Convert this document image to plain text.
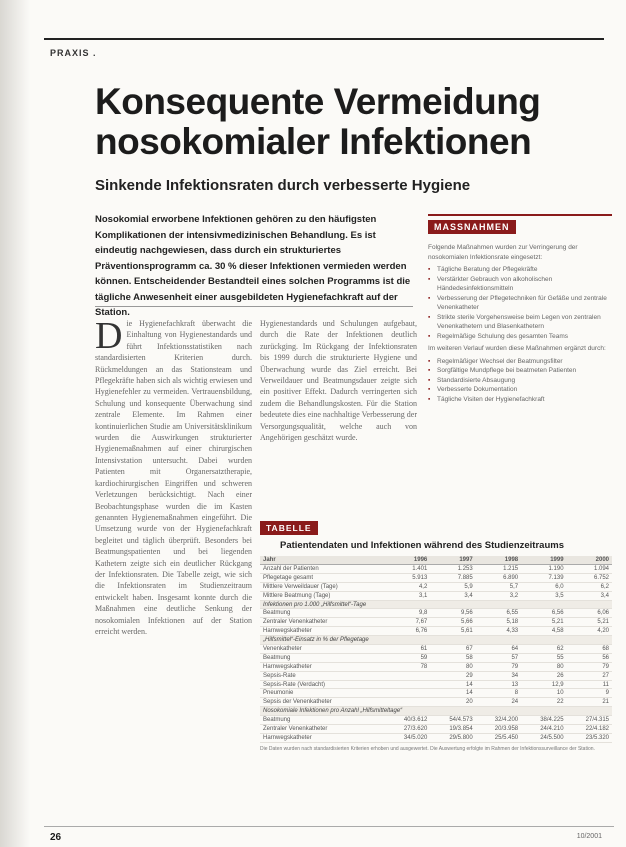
PRAXIS .
Konsequente Vermeidung
nosokomialer Infektionen
Sinkende Infektionsraten durch verbesserte Hygiene
Nosokomial erworbene Infektionen gehören zu den häufigsten Komplikationen der intensivmedizinischen Behandlung. Es ist eindeutig nachgewiesen, dass durch ein strukturiertes Präventionsprogramm ca. 30 % dieser Infektionen vermieden werden können. Entscheidender Bestandteil eines solchen Programms ist die tägliche Anwesenheit einer ausgebildeten Hygienefachkraft auf der Station.
D ie Hygienefachkraft überwacht die Einhaltung von Hygienestandards und führt Infektionsstatistiken nach standardisierten Kriterien durch. Rückmeldungen an das Stationsteam und Pflegekräfte haben sich als wichtig erwiesen und Hygienefehler zu vermeiden. Vertrauensbildung, Schulung und konsequente Überwachung sind zentrale Elemente. Im Rahmen einer kontinuierlichen Studie am Universitätsklinikum wurden die Auswirkungen strukturierter Hygienemaßnahmen auf einer chirurgischen Intensivstation untersucht. Dabei wurden Patienten mit Organersatztherapie, kardiochirurgischen Eingriffen und schweren Verletzungen berücksichtigt. Nach einer Beobachtungsphase wurden die im Kasten genannten Hygienemaßnahmen eingeführt. Die Umsetzung wurde von der Hygienefachkraft begleitet und täglich überprüft. Besonders bei Beatmungspatienten und bei liegenden Kathetern zeigte sich ein deutlicher Rückgang der Infektionsraten. Die Tabelle zeigt, wie sich die Infektionsraten im Studienzeitraum entwickelt haben. Insgesamt konnte durch die Maßnahmen eine deutliche Senkung der nosokomialen Infektionen auf der Station erreicht werden.
Hygienestandards und Schulungen aufgebaut, durch die Rate der Infektionen deutlich zurückging. Im Rückgang der Infektionsraten bis 1999 durch die strukturierte Hygiene und Überwachung wurde das Ziel erreicht. Bei Verweildauer und Beatmungsdauer zeigte sich ein positiver Effekt. Dadurch verringerten sich zudem die Behandlungskosten. Für die Station bedeutete dies eine nachhaltige Verbesserung der Versorgungsqualität, welche auch von Angehörigen geschätzt wurde.
MASSNAHMEN

Folgende Maßnahmen wurden zur Verringerung der nosokomialen Infektionsrate eingesetzt:

▪ Tägliche Beratung der Pflegekräfte
▪ Verstärkter Gebrauch von alkoholischen Händedesinfektionsmitteln
▪ Verbesserung der Pflegetechniken für Gefäße und zentrale Venenkatheter
▪ Strikte sterile Vorgehensweise beim Legen von zentralen Venenkathetern und Blasenkathetern
▪ Regelmäßige Schulung des gesamten Teams

Im weiteren Verlauf wurden diese Maßnahmen ergänzt durch:

▪ Regelmäßiger Wechsel der Beatmungsfilter
▪ Sorgfältige Mundpflege bei beatmeten Patienten
▪ Standardisierte Absaugung
▪ Verbesserte Dokumentation
▪ Tägliche Visiten der Hygienefachkraft
TABELLE
Patientendaten und Infektionen während des Studienzeitraums
Jahr	1996	1997	1998	1999	2000
Anzahl der Patienten	1.401	1.253	1.215	1.190	1.094
Pflegetage gesamt	5.913	7.885	6.890	7.139	6.752
Mittlere Verweildauer (Tage)	4,2	5,9	5,7	6,0	6,2
Mittlere Beatmung (Tage)	3,1	3,4	3,2	3,5	3,4
Infektionen pro 1.000 „Hilfsmittel“-Tage					
Beatmung	9,8	9,56	6,55	6,56	6,06
Zentraler Venenkatheter	7,67	5,66	5,18	5,21	5,21
Harnwegskatheter	6,76	5,61	4,33	4,58	4,20
„Hilfsmittel“-Einsatz in % der Pflegetage					
Venenkatheter	61	67	64	62	68
Beatmung	59	58	57	55	56
Harnwegskatheter	78	80	79	80	79
Sepsis-Rate		29	34	26	27
Sepsis-Rate (Verdacht)		14	13	12,9	11
Pneumonie		14	8	10	9
Sepsis der Venenkatheter		20	24	22	21
Nosokomiale Infektionen pro Anzahl „Hilfsmitteltage“					
Beatmung	40/3.612	54/4.573	32/4.200	38/4.225	27/4.315
Zentraler Venenkatheter	27/3.620	19/3.854	20/3.958	24/4.210	22/4.182
Harnwegskatheter	34/5.020	29/5.800	25/5.450	24/5.500	23/5.320
Die Daten wurden nach standardisierten Kriterien erhoben und ausgewertet. Die Auswertung erfolgte im Rahmen der Infektionssurveillance der Station.
26	10/2001
